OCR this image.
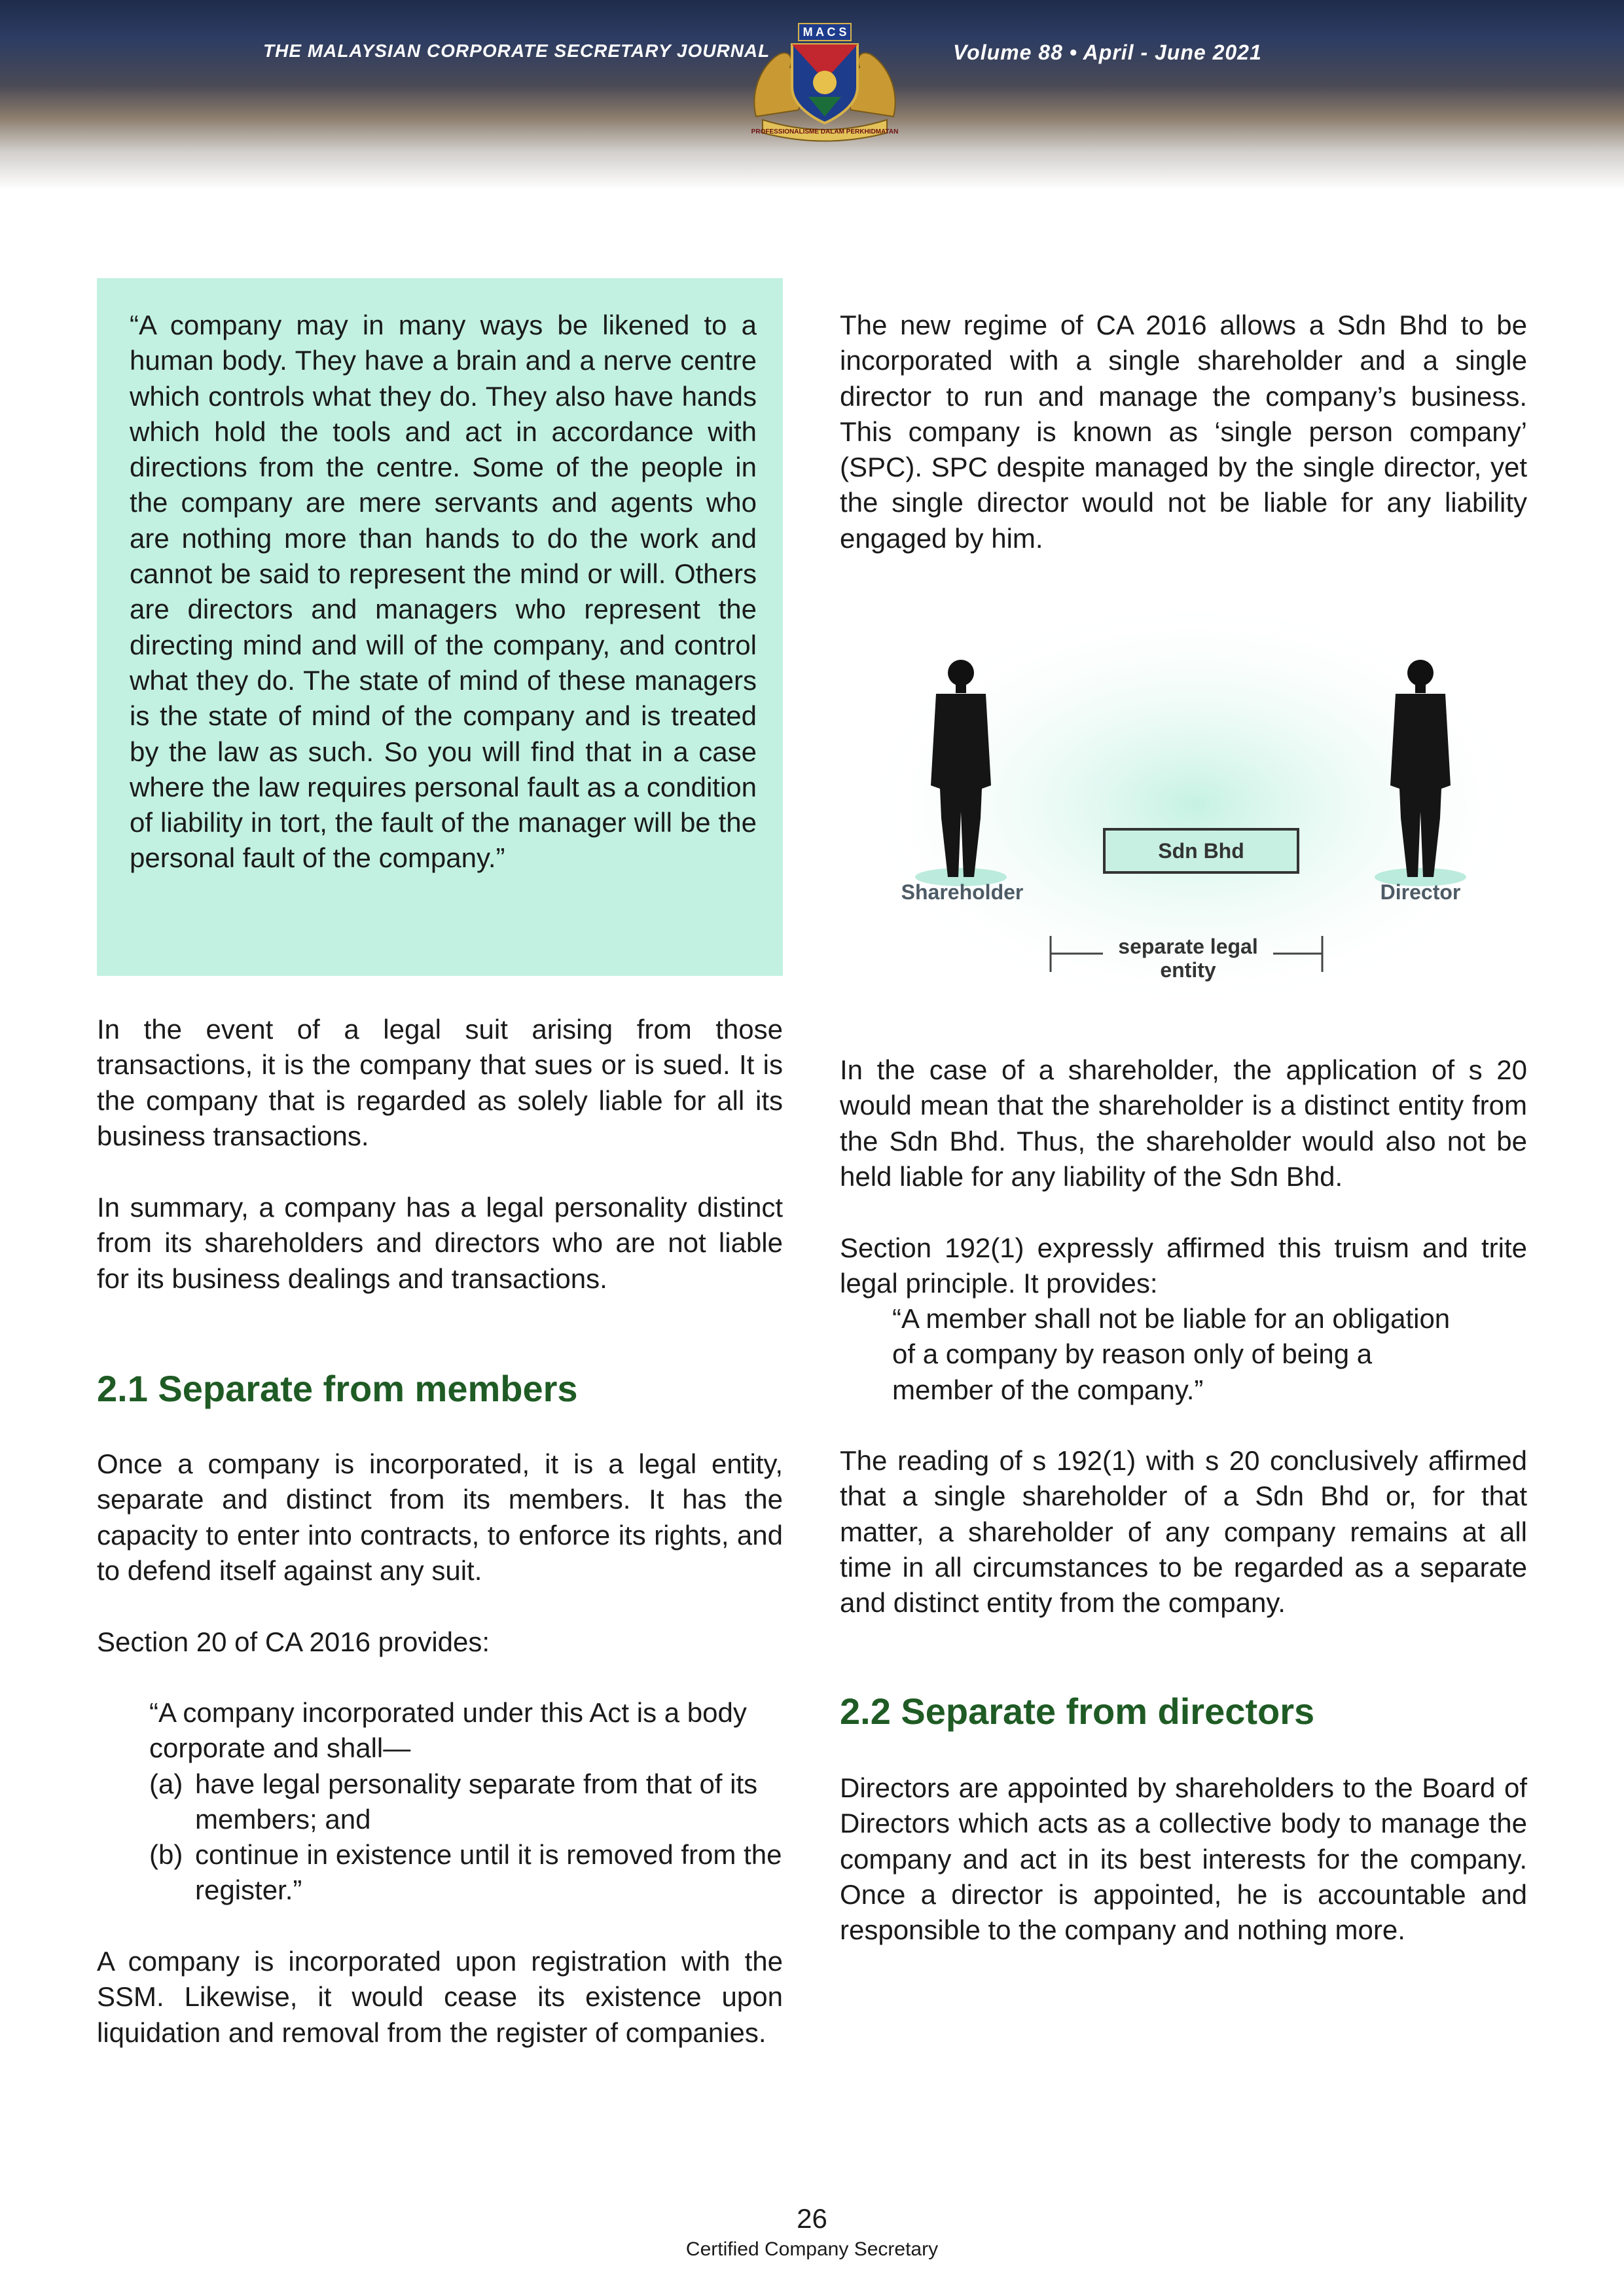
THE MALAYSIAN CORPORATE SECRETARY JOURNAL	Volume 88 • April - June 2021
M A C S
PROFESSIONALISME DALAM PERKHIDMATAN
“A company may in many ways be likened to a human body. They have a brain and a nerve centre which controls what they do. They also have hands which hold the tools and act in accordance with directions from the centre. Some of the people in the company are mere servants and agents who are nothing more than hands to do the work and cannot be said to represent the mind or will. Others are directors and managers who represent the directing mind and will of the company, and control what they do. The state of mind of these managers is the state of mind of the company and is treated by the law as such. So you will find that in a case where the law requires personal fault as a condition of liability in tort, the fault of the manager will be the personal fault of the company.”

In the event of a legal suit arising from those transactions, it is the company that sues or is sued. It is the company that is regarded as solely liable for all its business transactions.

In summary, a company has a legal personality distinct from its shareholders and directors who are not liable for its business dealings and transactions.

2.1 Separate from members

Once a company is incorporated, it is a legal entity, separate and distinct from its members. It has the capacity to enter into contracts, to enforce its rights, and to defend itself against any suit.

Section 20 of CA 2016 provides:

“A company incorporated under this Act is a body corporate and shall—
(a) have legal personality separate from that of its members; and
(b) continue in existence until it is removed from the register.”

A company is incorporated upon registration with the SSM. Likewise, it would cease its existence upon liquidation and removal from the register of companies.

The new regime of CA 2016 allows a Sdn Bhd to be incorporated with a single shareholder and a single director to run and manage the company’s business. This company is known as ‘single person company’ (SPC). SPC despite managed by the single director, yet the single director would not be liable for any liability engaged by him.

Shareholder
Sdn Bhd
Director
separate legal entity

In the case of a shareholder, the application of s 20 would mean that the shareholder is a distinct entity from the Sdn Bhd. Thus, the shareholder would also not be held liable for any liability of the Sdn Bhd.

Section 192(1) expressly affirmed this truism and trite legal principle. It provides:

“A member shall not be liable for an obligation of a company by reason only of being a member of the company.”

The reading of s 192(1) with s 20 conclusively affirmed that a single shareholder of a Sdn Bhd or, for that matter, a shareholder of any company remains at all time in all circumstances to be regarded as a separate and distinct entity from the company.

2.2 Separate from directors

Directors are appointed by shareholders to the Board of Directors which acts as a collective body to manage the company and act in its best interests for the company. Once a director is appointed, he is accountable and responsible to the company and nothing more.

26
Certified Company Secretary
